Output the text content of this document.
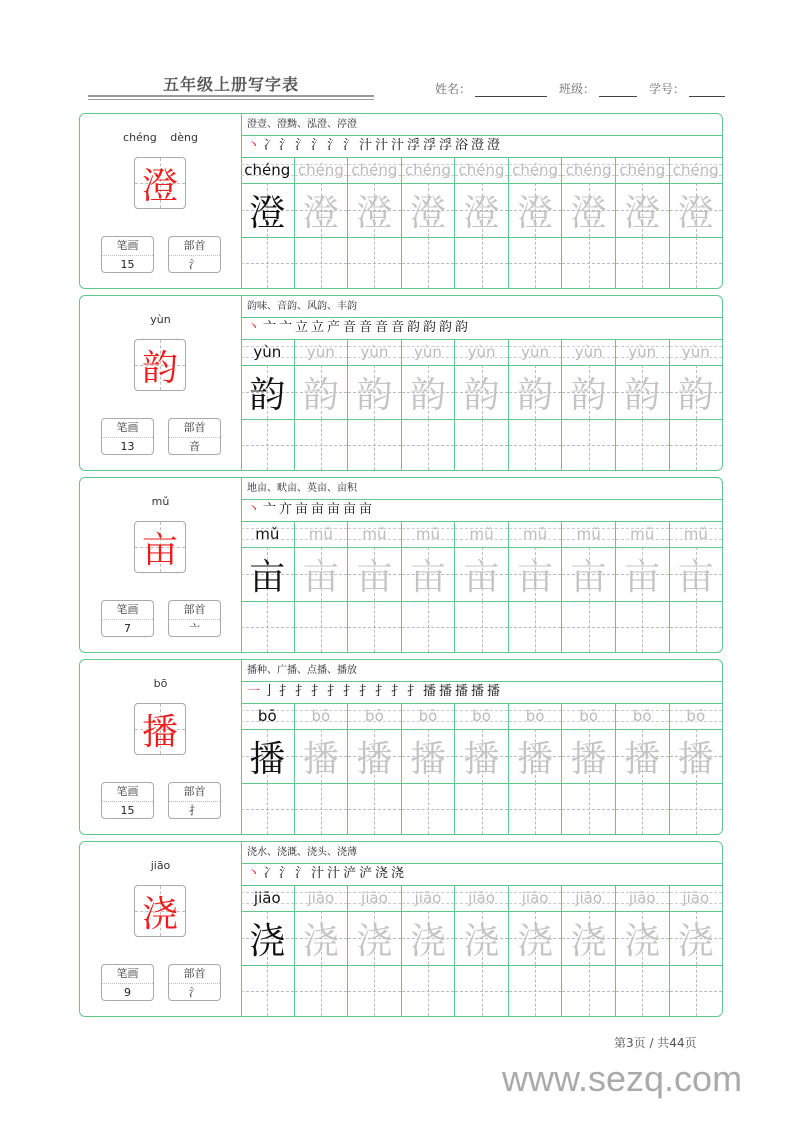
五年级上册写字表	姓名：	班级：	学号：
chéng dèng
澄
笔画
15
部首
氵
澄壹、澄黝、泓澄、渟澄
丶冫氵氵氵氵氵汁汁汁浮浮浮浴澄澄
chéng
澄
chéng
澄
chéng
澄
chéng
澄
chéng
澄
chéng
澄
chéng
澄
chéng
澄
chéng
澄
yùn
韵
笔画
13
部首
音
韵味、音韵、风韵、丰韵
丶亠亠立立产音音音音韵韵韵韵
yùn
韵
yùn
韵
yùn
韵
yùn
韵
yùn
韵
yùn
韵
yùn
韵
yùn
韵
yùn
韵
mǔ
亩
笔画
7
部首
亠
地亩、畎亩、英亩、亩积
丶亠亣亩亩亩亩亩
mǔ
亩
mǔ
亩
mǔ
亩
mǔ
亩
mǔ
亩
mǔ
亩
mǔ
亩
mǔ
亩
mǔ
亩
bō
播
笔画
15
部首
扌
播种、广播、点播、播放
一亅扌扌扌扌扌扌扌扌扌播播播播播
bō
播
bō
播
bō
播
bō
播
bō
播
bō
播
bō
播
bō
播
bō
播
jiāo
浇
笔画
9
部首
氵
浇水、浇溉、浇头、浇薄
丶冫氵氵汁汁浐浐浇浇
jiāo
浇
jiāo
浇
jiāo
浇
jiāo
浇
jiāo
浇
jiāo
浇
jiāo
浇
jiāo
浇
jiāo
浇
第3页 / 共44页
www.sezq.com
